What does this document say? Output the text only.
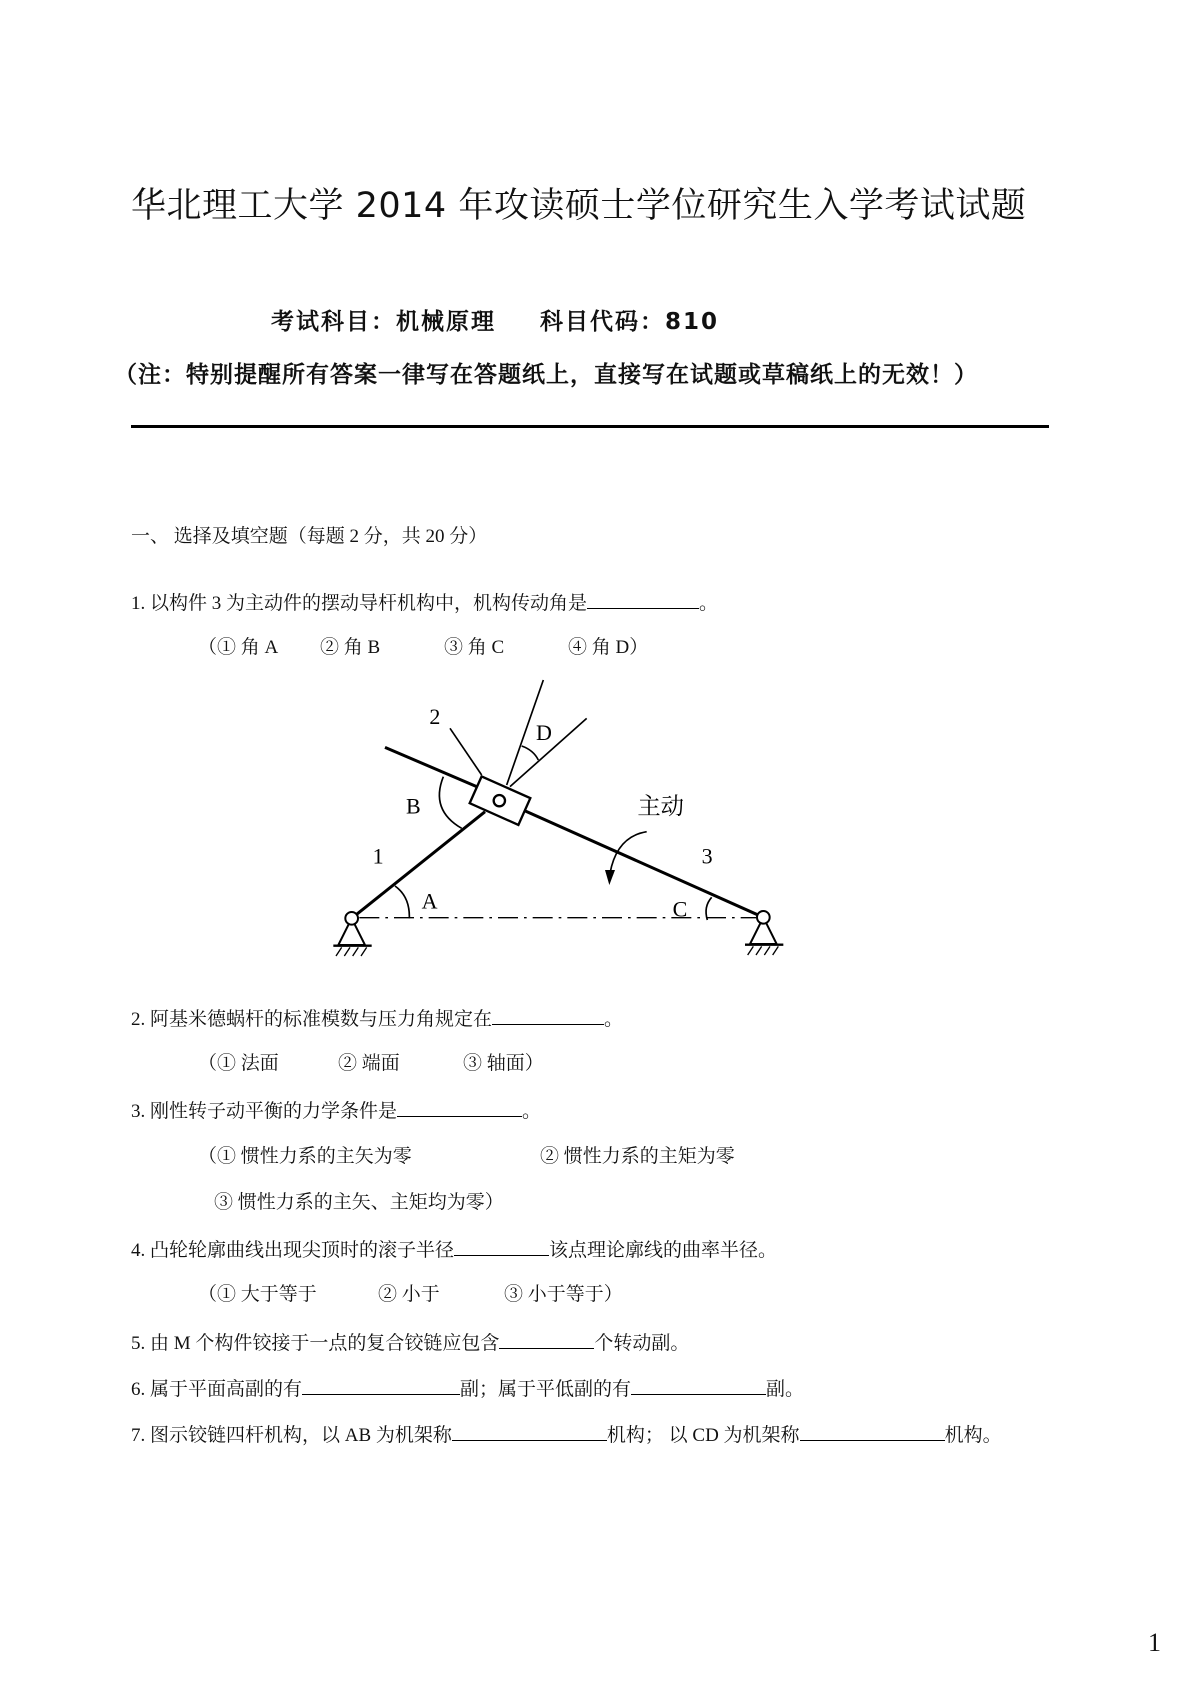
华北理工大学 2014 年攻读硕士学位研究生入学考试试题
考试科目：机械原理 科目代码：810
（注：特别提醒所有答案一律写在答题纸上，直接写在试题或草稿纸上的无效！）
一、 选择及填空题（每题 2 分，共 20 分）
1. 以构件 3 为主动件的摆动导杆机构中，机构传动角是	。
（① 角 A ② 角 B	③ 角 C	④ 角 D）
2
D
B	主动
1	3
A	C
2. 阿基米德蜗杆的标准模数与压力角规定在	。
（① 法面	② 端面	③ 轴面）
3. 刚性转子动平衡的力学条件是	。
（① 惯性力系的主矢为零	② 惯性力系的主矩为零
③ 惯性力系的主矢、主矩均为零）
4. 凸轮轮廓曲线出现尖顶时的滚子半径	该点理论廓线的曲率半径。
（① 大于等于	② 小于	③ 小于等于）
5. 由 M 个构件铰接于一点的复合铰链应包含	个转动副。
6. 属于平面高副的有	副；属于平低副的有	副。
7. 图示铰链四杆机构，以 AB 为机架称	机构； 以 CD 为机架称	机构。
1
